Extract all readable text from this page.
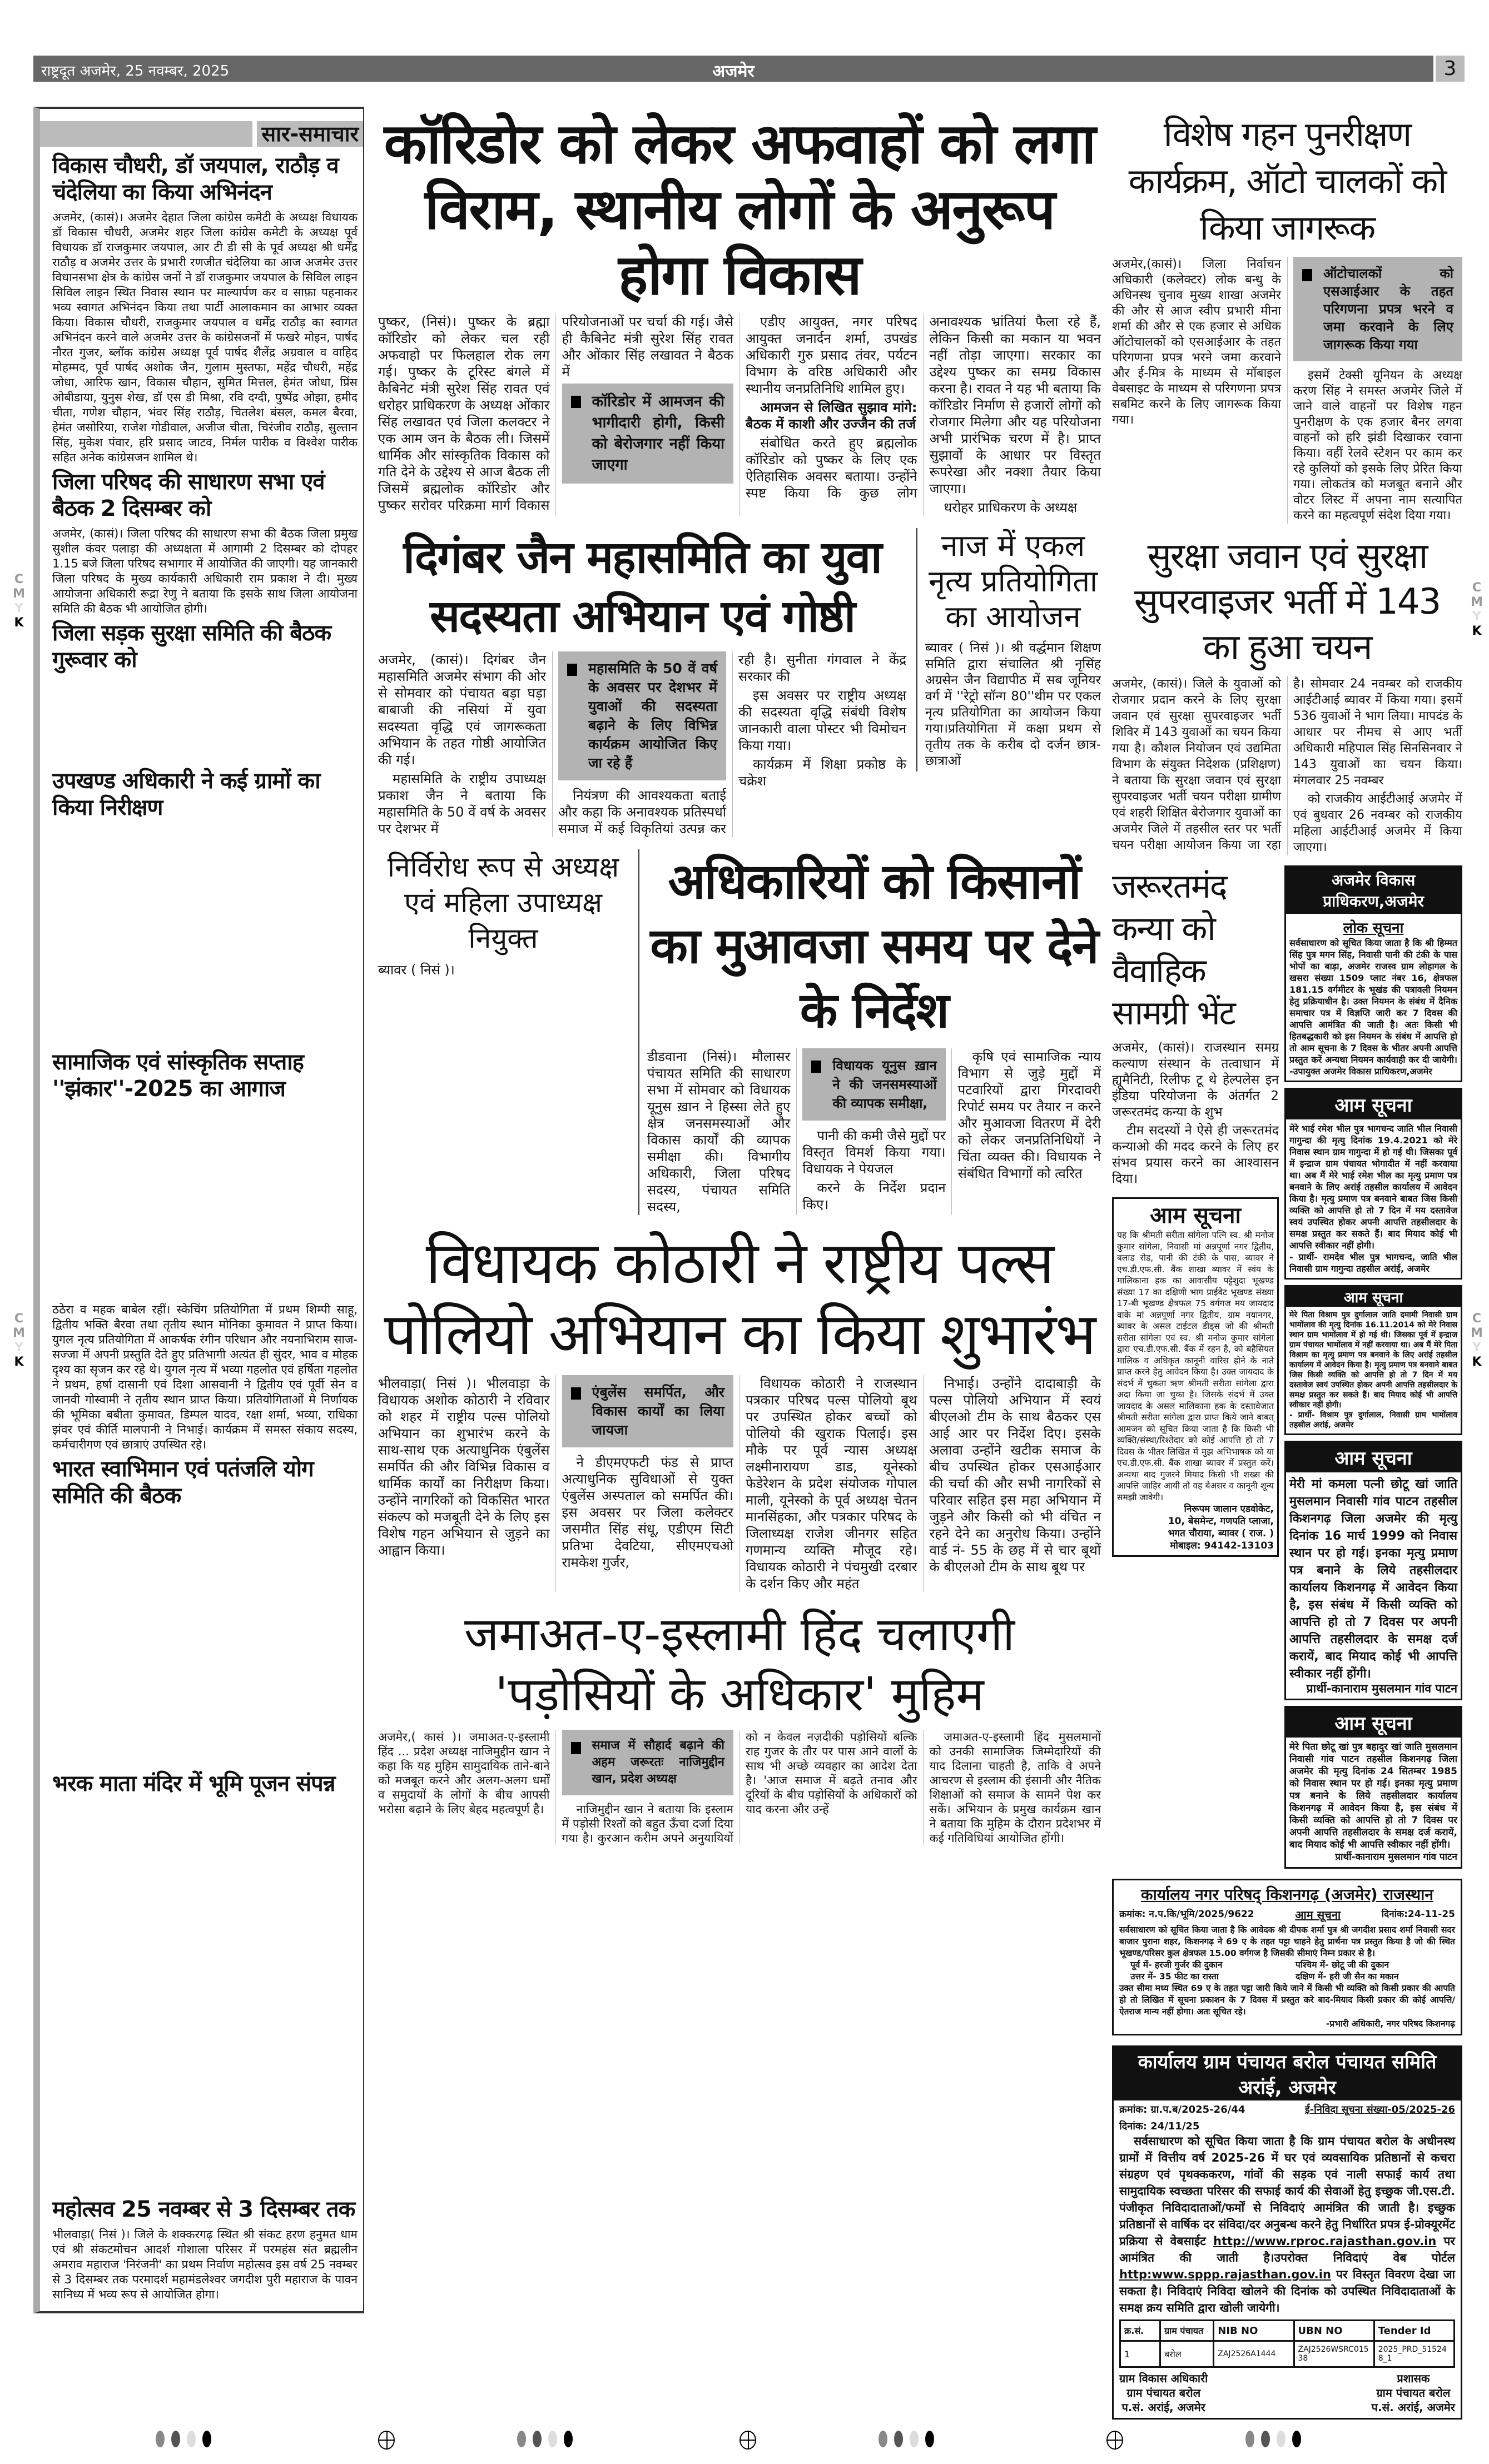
राष्ट्रदूत अजमेर, 25 नवम्बर, 2025	अजमेर	3
C
M
Y
K
C
M
Y
K
C
M
Y
K
C
M
Y
K
सार-समाचार
विकास चौधरी, डॉ जयपाल, राठौड़ व चंदेलिया का किया अभिनंदन
अजमेर, (कासं)। अजमेर देहात जिला कांग्रेस कमेटी के अध्यक्ष विधायक डॉ विकास चौधरी, अजमेर शहर जिला कांग्रेस कमेटी के अध्यक्ष पूर्व विधायक डॉ राजकुमार जयपाल, आर टी डी सी के पूर्व अध्यक्ष श्री धर्मेंद्र राठौड़ व अजमेर उत्तर के प्रभारी रणजीत चंदेलिया का आज अजमेर उत्तर विधानसभा क्षेत्र के कांग्रेस जनों ने डॉ राजकुमार जयपाल के सिविल लाइन सिविल लाइन स्थित निवास स्थान पर माल्यार्पण कर व साफ़ा पहनाकर भव्य स्वागत अभिनंदन किया तथा पार्टी आलाकमान का आभार व्यक्त किया। विकास चौधरी, राजकुमार जयपाल व धर्मेंद्र राठौड़ का स्वागत अभिनंदन करने वाले अजमेर उत्तर के कांग्रेसजनों में फखरे मोइन, पार्षद नौरत गुजर, ब्लॉक कांग्रेस अध्यक्ष पूर्व पार्षद शैलेंद्र अग्रवाल व वाहिद मोहम्मद, पूर्व पार्षद अशोक जैन, गुलाम मुस्तफा, महेंद्र चौधरी, महेंद्र जोधा, आरिफ खान, विकास चौहान, सुमित मित्तल, हेमंत जोधा, प्रिंस ओबीडाया, युनुस शेख, डॉ एस डी मिश्रा, रवि दग्दी, पुष्पेंद्र ओझा, हमीद चीता, गणेश चौहान, भंवर सिंह राठौड़, चितलेश बंसल, कमल बैरवा, हेमंत जसोरिया, राजेश गोडीवाल, अजीज चीता, चिरंजीव राठौड़, सुल्तान सिंह, मुकेश पंवार, हरि प्रसाद जाटव, निर्मल पारीक व विश्वेश पारीक सहित अनेक कांग्रेसजन शामिल थे।
जिला परिषद की साधारण सभा एवं बैठक 2 दिसम्बर को
अजमेर, (कासं)। जिला परिषद की साधारण सभा की बैठक जिला प्रमुख सुशील कंवर पलाड़ा की अध्यक्षता में आगामी 2 दिसम्बर को दोपहर 1.15 बजे जिला परिषद सभागार में आयोजित की जाएगी। यह जानकारी जिला परिषद के मुख्य कार्यकारी अधिकारी राम प्रकाश ने दी। मुख्य आयोजना अधिकारी रूद्रा रेणु ने बताया कि इसके साथ जिला आयोजना समिति की बैठक भी आयोजित होगी।
जिला सड़क सुरक्षा समिति की बैठक गुरूवार को
उपखण्ड अधिकारी ने कई ग्रामों का किया निरीक्षण
सामाजिक एवं सांस्कृतिक सप्ताह ''झंकार''-2025 का आगाज
ठठेरा व महक बाबेल रहीं। स्केचिंग प्रतियोगिता में प्रथम शिम्पी साहू, द्वितीय भक्ति बैरवा तथा तृतीय स्थान मोनिका कुमावत ने प्राप्त किया। युगल नृत्य प्रतियोगिता में आकर्षक रंगीन परिधान और नयनाभिराम साज-सज्जा में अपनी प्रस्तुति देते हुए प्रतिभागी अत्यंत ही सुंदर, भाव व मोहक दृश्य का सृजन कर रहे थे। युगल नृत्य में भव्या गहलोत एवं हर्षिता गहलोत ने प्रथम, हर्षा दासानी एवं दिशा आसवानी ने द्वितीय एवं पूर्वी सेन व जानवी गोस्वामी ने तृतीय स्थान प्राप्त किया। प्रतियोगिताओं मे निर्णायक की भूमिका बबीता कुमावत, डिम्पल यादव, रक्षा शर्मा, भव्या, राधिका झंवर एवं कीर्ति मालपानी ने निभाई। कार्यक्रम में समस्त संकाय सदस्य, कर्मचारीगण एवं छात्राएं उपस्थित रहे।
भारत स्वाभिमान एवं पतंजलि योग समिति की बैठक
भरक माता मंदिर में भूमि पूजन संपन्न
महोत्सव 25 नवम्बर से 3 दिसम्बर तक
भीलवाड़ा( निसं )। जिले के शक्करगढ़ स्थित श्री संकट हरण हनुमत धाम एवं श्री संकटमोचन आदर्श गोशाला परिसर में परमहंस संत ब्रह्मलीन अमराव महाराज 'निरंजनी' का प्रथम निर्वाण महोत्सव इस वर्ष 25 नवम्बर से 3 दिसम्बर तक परमादर्श महामंडलेश्वर जगदीश पुरी महाराज के पावन सानिध्य में भव्य रूप से आयोजित होगा।
कॉरिडोर को लेकर अफवाहों को लगा विराम, स्थानीय लोगों के अनुरूप होगा विकास

पुष्कर, (निसं)। पुष्कर के ब्रह्मा कॉरिडोर को लेकर चल रही अफवाहो पर फिलहाल रोक लग गई। पुष्कर के टूरिस्ट बंगले में कैबिनेट मंत्री सुरेश सिंह रावत एवं धरोहर प्राधिकरण के अध्यक्ष ओंकार सिंह लखावत एवं जिला कलक्टर ने एक आम जन के बैठक ली। जिसमें धार्मिक और सांस्कृतिक विकास को गति देने के उद्देश्य से आज बैठक ली जिसमें ब्रह्मलोक कॉरिडोर और पुष्कर सरोवर परिक्रमा मार्ग विकास परियोजनाओं पर चर्चा की गई। जैसे ही कैबिनेट मंत्री सुरेश सिंह रावत और ओंकार सिंह लखावत ने बैठक में

कॉरिडोर में आमजन की भागीदारी होगी, किसी को बेरोजगार नहीं किया जाएगा

एडीए आयुक्त, नगर परिषद आयुक्त जनार्दन शर्मा, उपखंड अधिकारी गुरु प्रसाद तंवर, पर्यटन विभाग के वरिष्ठ अधिकारी और स्थानीय जनप्रतिनिधि शामिल हुए।

आमजन से लिखित सुझाव मांगे: बैठक में काशी और उज्जैन की तर्ज

संबोधित करते हुए ब्रह्मलोक कॉरिडोर को पुष्कर के लिए एक ऐतिहासिक अवसर बताया। उन्होंने स्पष्ट किया कि कुछ लोग अनावश्यक भ्रांतियां फैला रहे हैं, लेकिन किसी का मकान या भवन नहीं तोड़ा जाएगा। सरकार का उद्देश्य पुष्कर का समग्र विकास करना है। रावत ने यह भी बताया कि कॉरिडोर निर्माण से हजारों लोगों को रोजगार मिलेगा और यह परियोजना अभी प्रारंभिक चरण में है। प्राप्त सुझावों के आधार पर विस्तृत रूपरेखा और नक्शा तैयार किया जाएगा।

धरोहर प्राधिकरण के अध्यक्ष

दिगंबर जैन महासमिति का युवा सदस्यता अभियान एवं गोष्ठी

अजमेर, (कासं)। दिगंबर जैन महासमिति अजमेर संभाग की ओर से सोमवार को पंचायत बड़ा घड़ा बाबाजी की नसियां में युवा सदस्यता वृद्धि एवं जागरूकता अभियान के तहत गोष्ठी आयोजित की गई।

महासमिति के राष्ट्रीय उपाध्यक्ष प्रकाश जैन ने बताया कि महासमिति के 50 वें वर्ष के अवसर पर देशभर में

महासमिति के 50 वें वर्ष के अवसर पर देशभर में युवाओं की सदस्यता बढ़ाने के लिए विभिन्न कार्यक्रम आयोजित किए जा रहे हैं

नियंत्रण की आवश्यकता बताई और कहा कि अनावश्यक प्रतिस्पर्धा समाज में कई विकृतियां उत्पन्न कर रही है। सुनीता गंगवाल ने केंद्र सरकार की

इस अवसर पर राष्ट्रीय अध्यक्ष की सदस्यता वृद्धि संबंधी विशेष जानकारी वाला पोस्टर भी विमोचन किया गया।

कार्यक्रम में शिक्षा प्रकोष्ठ के चक्रेश

नाज में एकल नृत्य प्रतियोगिता का आयोजन

ब्यावर ( निसं )। श्री वर्द्धमान शिक्षण समिति द्वारा संचालित श्री नृसिंह अग्रसेन जैन विद्यापीठ में सब जूनियर वर्ग में ''रेट्रो सॉन्ग 80''थीम पर एकल नृत्य प्रतियोगिता का आयोजन किया गया।प्रतियोगिता में कक्षा प्रथम से तृतीय तक के करीब दो दर्जन छात्र-छात्राओं

निर्विरोध रूप से अध्यक्ष एवं महिला उपाध्यक्ष नियुक्त

ब्यावर ( निसं )।

अधिकारियों को किसानों का मुआवजा समय पर देने के निर्देश

डीडवाना (निसं)। मौलासर पंचायत समिति की साधारण सभा में सोमवार को विधायक यूनुस ख़ान ने हिस्सा लेते हुए क्षेत्र जनसमस्याओं और विकास कार्यों की व्यापक समीक्षा की। विभागीय अधिकारी, जिला परिषद सदस्य, पंचायत समिति सदस्य,

विधायक यूनुस ख़ान ने की जनसमस्याओं की व्यापक समीक्षा,

पानी की कमी जैसे मुद्दों पर विस्तृत विमर्श किया गया। विधायक ने पेयजल

करने के निर्देश प्रदान किए।

कृषि एवं सामाजिक न्याय विभाग से जुड़े मुद्दों में पटवारियों द्वारा गिरदावरी रिपोर्ट समय पर तैयार न करने और मुआवजा वितरण में देरी को लेकर जनप्रतिनिधियों ने चिंता व्यक्त की। विधायक ने संबंधित विभागों को त्वरित

विधायक कोठारी ने राष्ट्रीय पल्स पोलियो अभियान का किया शुभारंभ

भीलवाड़ा( निसं )। भीलवाड़ा के विधायक अशोक कोठारी ने रविवार को शहर में राष्ट्रीय पल्स पोलियो अभियान का शुभारंभ करने के साथ-साथ एक अत्याधुनिक एंबुलेंस समर्पित की और विभिन्न विकास व धार्मिक कार्यों का निरीक्षण किया। उन्होंने नागरिकों को विकसित भारत संकल्प को मजबूती देने के लिए इस विशेष गहन अभियान से जुड़ने का आह्वान किया।

एंबुलेंस समर्पित, और विकास कार्यों का लिया जायजा

ने डीएमएफटी फंड से प्राप्त अत्याधुनिक सुविधाओं से युक्त एंबुलेंस अस्पताल को समर्पित की। इस अवसर पर जिला कलेक्टर जसमीत सिंह संधू, एडीएम सिटी प्रतिभा देवटिया, सीएमएचओ रामकेश गुर्जर,

विधायक कोठारी ने राजस्थान पत्रकार परिषद पल्स पोलियो बूथ पर उपस्थित होकर बच्चों को पोलियो की खुराक पिलाई। इस मौके पर पूर्व न्यास अध्यक्ष लक्ष्मीनारायण डाड, यूनेस्को फेडेरेशन के प्रदेश संयोजक गोपाल माली, यूनेस्को के पूर्व अध्यक्ष चेतन मानसिंहका, और पत्रकार परिषद के जिलाध्यक्ष राजेश जीनगर सहित गणमान्य व्यक्ति मौजूद रहे। विधायक कोठारी ने पंचमुखी दरबार के दर्शन किए और महंत

निभाई। उन्होंने दादाबाड़ी के पल्स पोलियो अभियान में स्वयं बीएलओ टीम के साथ बैठकर एस आई आर पर निर्देश दिए। इसके अलावा उन्होंने खटीक समाज के बीच उपस्थित होकर एसआईआर की चर्चा की और सभी नागरिकों से परिवार सहित इस महा अभियान में जुड़ने और किसी को भी वंचित न रहने देने का अनुरोध किया। उन्होंने वार्ड नं- 55 के छह में से चार बूथों के बीएलओ टीम के साथ बूथ पर

जमाअत-ए-इस्लामी हिंद चलाएगी 'पड़ोसियों के अधिकार' मुहिम

अजमेर,( कासं )। जमाअत-ए-इस्लामी हिंद ... प्रदेश अध्यक्ष नाजिमुद्दीन खान ने कहा कि यह मुहिम सामुदायिक ताने-बाने को मजबूत करने और अलग-अलग धर्मों व समुदायों के लोगों के बीच आपसी भरोसा बढ़ाने के लिए बेहद महत्वपूर्ण है।

समाज में सौहार्द बढ़ाने की अहम जरूरतः नाजिमुद्दीन खान, प्रदेश अध्यक्ष

नाजिमुद्दीन खान ने बताया कि इस्लाम में पड़ोसी रिश्तों को बहुत ऊँचा दर्जा दिया गया है। कुरआन करीम अपने अनुयायियों को न केवल नज़दीकी पड़ोसियों बल्कि राह गुजर के तौर पर पास आने वालों के साथ भी अच्छे व्यवहार का आदेश देता है। 'आज समाज में बढ़ते तनाव और दूरियों के बीच पड़ोसियों के अधिकारों को याद करना और उन्हें

जमाअत-ए-इस्लामी हिंद मुसलमानों को उनकी सामाजिक जिम्मेदारियों की याद दिलाना चाहती है, ताकि वे अपने आचरण से इस्लाम की इंसानी और नैतिक शिक्षाओं को समाज के सामने पेश कर सकें। अभियान के प्रमुख कार्यक्रम खान ने बताया कि मुहिम के दौरान प्रदेशभर में कई गतिविधियां आयोजित होंगी।

विशेष गहन पुनरीक्षण कार्यक्रम, ऑटो चालकों को किया जागरूक

अजमेर,(कासं)। जिला निर्वाचन अधिकारी (कलेक्टर) लोक बन्धु के अधिनस्थ चुनाव मुख्य शाखा अजमेर की और से आज स्वीप प्रभारी मीना शर्मा की और से एक हजार से अधिक ऑटोचालकों को एसआईआर के तहत परिगणना प्रपत्र भरने जमा करवाने और ई-मित्र के माध्यम से मॉबाइल वेबसाइट के माध्यम से परिगणना प्रपत्र सबमिट करने के लिए जागरूक किया गया।

ऑटोचालकों को एसआईआर के तहत परिगणना प्रपत्र भरने व जमा करवाने के लिए जागरूक किया गया

इसमें टेक्सी यूनियन के अध्यक्ष करण सिंह ने समस्त अजमेर जिले में जाने वाले वाहनों पर विशेष गहन पुनरीक्षण के एक हजार बैनर लगवा वाहनों को हरि झंडी दिखाकर रवाना किया। वहीं रेलवे स्टेशन पर काम कर रहे कुलियों को इसके लिए प्रेरित किया गया। लोकतंत्र को मजबूत बनाने और वोटर लिस्ट में अपना नाम सत्यापित करने का महत्वपूर्ण संदेश दिया गया।

सुरक्षा जवान एवं सुरक्षा सुपरवाइजर भर्ती में 143 का हुआ चयन

अजमेर, (कासं)। जिले के युवाओं को रोजगार प्रदान करने के लिए सुरक्षा जवान एवं सुरक्षा सुपरवाइजर भर्ती शिविर में 143 युवाओं का चयन किया गया है। कौशल नियोजन एवं उद्यमिता विभाग के संयुक्त निदेशक (प्रशिक्षण) ने बताया कि सुरक्षा जवान एवं सुरक्षा सुपरवाइजर भर्ती चयन परीक्षा ग्रामीण एवं शहरी शिक्षित बेरोजगार युवाओं का अजमेर जिले में तहसील स्तर पर भर्ती चयन परीक्षा आयोजन किया जा रहा है। सोमवार 24 नवम्बर को राजकीय आईटीआई ब्यावर में किया गया। इसमें 536 युवाओं ने भाग लिया। मापदंड के आधार पर नीमच से आए भर्ती अधिकारी महिपाल सिंह सिनसिनवार ने 143 युवाओं का चयन किया। मंगलवार 25 नवम्बर

को राजकीय आईटीआई अजमेर में एवं बुधवार 26 नवम्बर को राजकीय महिला आईटीआई अजमेर में किया जाएगा।

जरूरतमंद कन्या को वैवाहिक सामग्री भेंट

अजमेर, (कासं)। राजस्थान समग्र कल्याण संस्थान के तत्वाधान में ह्यूमैनिटी, रिलीफ टू थे हेल्पलेस इन इंडिया परियोजना के अंतर्गत 2 जरूरतमंद कन्या के शुभ

टीम सदस्यों ने ऐसे ही जरूरतमंद कन्याओ की मदद करने के लिए हर संभव प्रयास करने का आश्वासन दिया।

आम सूचना
यह कि श्रीमती सरीता सांगेला पत्नि स्व. श्री मनोज कुमार सांगेला, निवासी मां अन्नपूर्णा नगर द्वितीय, बलाड रोड, पानी की टंकी के पास, ब्यावर ने एच.डी.एफ.सी. बैंक शाखा ब्यावर में स्वंय के मालिकाना हक का आवासीय पट्टेशुदा भूखण्ड संख्या 17 का दक्षिणी भाग प्राईवेट भूखण्ड संख्या 17-बी भूखण्ड क्षैत्रफल 75 वर्गगज मय जायदाद वाके मां अन्नपूर्णा नगर द्वितीय, ग्राम नयानगर, ब्यावर के असल टाईटल डीड्स जो की श्रीमती सरीता सांगेला एवं स्व. श्री मनोज कुमार सांगेला द्वारा एच.डी.एफ.सी. बैंक में रहन है, को बहैसियत मालिक व अधिकृत कानूनी वारिस होने के नाते प्राप्त करने हेतु आवेदन किया है। उक्त जायदाद के संदर्भ में चुकता ऋण श्रीमती सरीता सांगेला द्वारा अदा किया जा चुका है। जिसके संदर्भ में उक्त जायदाद के असल मालिकाना हक के दस्तावेजात श्रीमती सरीता सांगेला द्वारा प्राप्त किये जाने बाबत् आमजन को सूचित किया जाता है कि किसी भी व्यक्ति/संस्था/रिश्तेदार को कोई आपत्ति हो तो 7 दिवस के भीतर लिखित में मुझ अभिभाषक को या एच.डी.एफ.सी. बैंक शाखा ब्यावर में प्रस्तुत करें। अन्यथा बाद गुजरने मियाद किसी भी शख्स की आपत्ति जाहिर आयी तो वह बेअसर व कानूनी शून्य समझी जावेगी।
निरूपम जालान एडवोकेट,
10, बेसमेन्ट, गणपति प्लाजा,
भगत चौराया, ब्यावर ( राज. )
मोबाइल: 94142-13103
अजमेर विकास प्राधिकरण,अजमेर
लोक सूचना
सर्वसाधारण को सूचित किया जाता है कि श्री हिम्मत सिंह पुत्र मगन सिंह, निवासी पानी की टंकी के पास भोपों का बाड़ा, अजमेर राजस्व ग्राम लोहागल के खसरा संख्या 1509 प्लाट नंबर 16, क्षेत्रफल 181.15 वर्गमीटर के भूखंड की पत्रावली नियमन हेतु प्रक्रियाधीन है। उक्त नियमन के संबंध में दैनिक समाचार पत्र में विज्ञप्ति जारी कर 7 दिवस की आपत्ति आमंत्रित की जाती है। अतः किसी भी हितबद्धकारी को इस नियमन के संबंध में आपत्ति हो तो आम सूचना के 7 दिवस के भीतर अपनी आपत्ति प्रस्तुत करें अन्यथा नियमन कार्यवाही कर दी जायेगी। -उपायुक्त अजमेर विकास प्राधिकरण,अजमेर
आम सूचना
मेरे भाई रमेश भील पुत्र भागचन्द जाति भील निवासी गागुन्दा की मृत्यु दिनांक 19.4.2021 को मेरे निवास स्थान ग्राम गागुन्दा में हो गई थी। जिसका पूर्व में इन्द्राज ग्राम पंचायत भोगादीत में नहीं करवाया था। अब मैं मेरे भाई रमेश भील का मृत्यु प्रमाण पत्र बनवाने के लिए अरांई तहसील कार्यालय में आवेदन किया है। मृत्यु प्रमाण पत्र बनवाने बाबत जिस किसी व्यक्ति को आपत्ति हो तो 7 दिन में मय दस्तावेज स्वयं उपस्थित होकर अपनी आपत्ति तहसीलदार के समक्ष प्रस्तुत कर सकते हैं। बाद मियाद कोई भी आपत्ति स्वीकार नहीं होगी।
- प्रार्थी- रामदेव भील पुत्र भागचन्द, जाति भील निवासी ग्राम गागुन्दा तहसील अरांई, अजमेर
आम सूचना
मेरे पिता विश्राम पुत्र दुर्गालाल जाति दमामी निवासी ग्राम भामोंलाव की मृत्यु दिनांक 16.11.2014 को मेरे निवास स्थान ग्राम भामोंलाव में हो गई थी। जिसका पूर्व में इन्द्राज ग्राम पंचायत भामोंलाव में नहीं करवाया था। अब मैं मेरे पिता विश्राम का मृत्यु प्रमाण पत्र बनवाने के लिए अरांई तहसील कार्यालय में आवेदन किया है। मृत्यु प्रमाण पत्र बनवाने बाबत जिस किसी व्यक्ति को आपत्ति हो तो 7 दिन में मय दस्तावेज स्वयं उपस्थित होकर अपनी आपत्ति तहसीलदार के समक्ष प्रस्तुत कर सकते हैं। बाद मियाद कोई भी आपत्ति स्वीकार नहीं होगी।
- प्रार्थी- विश्राम पुत्र दुर्गालाल, निवासी ग्राम भामोंलाव तहसील अरांई, अजमेर
आम सूचना
मेरी मां कमला पत्नी छोटू खां जाति मुसलमान निवासी गांव पाटन तहसील किशनगढ़ जिला अजमेर की मृत्यु दिनांक 16 मार्च 1999 को निवास स्थान पर हो गई। इनका मृत्यु प्रमाण पत्र बनाने के लिये तहसीलदार कार्यालय किशनगढ़ में आवेदन किया है, इस संबंध में किसी व्यक्ति को आपत्ति हो तो 7 दिवस पर अपनी आपत्ति तहसीलदार के समक्ष दर्ज करायें, बाद मियाद कोई भी आपत्ति स्वीकार नहीं होंगी।
प्रार्थी-कानाराम मुसलमान गांव पाटन
आम सूचना
मेरे पिता छोटू खां पुत्र बहादुर खां जाति मुसलमान निवासी गांव पाटन तहसील किशनगढ़ जिला अजमेर की मृत्यु दिनांक 24 सितम्बर 1985 को निवास स्थान पर हो गई। इनका मृत्यु प्रमाण पत्र बनाने के लिये तहसीलदार कार्यालय किशनगढ़ में आवेदन किया है, इस संबंध में किसी व्यक्ति को आपत्ति हो तो 7 दिवस पर अपनी आपत्ति तहसीलदार के समक्ष दर्ज करायें, बाद मियाद कोई भी आपत्ति स्वीकार नहीं होंगी।
प्रार्थी-कानाराम मुसलमान गांव पाटन
कार्यालय नगर परिषद् किशनगढ़ (अजमेर) राजस्थान
क्रमांक: न.प.कि/भूमि/2025/9622	आम सूचना	दिनांक:24-11-25
सर्वसाधारण को सूचित किया जाता है कि आवेदक श्री दीपक शर्मा पुत्र श्री जगदीश प्रसाद शर्मा निवासी सदर बाजार पुराना शहर, किशनगढ़ ने 69 ए के तहत पट्टा चाहने हेतु प्रार्थना पत्र प्रस्तुत किया है जो की स्थित भूखण्ड/परिसर कुल क्षेत्रफल 15.00 वर्गगज है जिसकी सीमाएं निम्न प्रकार से है।
पूर्व में- हरजी गुर्जर की दुकान	पश्चिम में- छोटू जी की दुकान
उत्तर में- 35 फीट का रास्ता	दक्षिण में- हरी जी सैन का मकान
उक्त सीमा मध्य स्थित 69 ए के तहत पट्टा जारी किये जाने में किसी भी व्यक्ति को किसी प्रकार की आपति हो तो लिखित में सूचना प्रकाशन के 7 दिवस में प्रस्तुत करे बाद-मियाद किसी प्रकार की कोई आपत्ति/ऐतराज मान्य नहीं होगा। अतः सूचित रहे।
-प्रभारी अधिकारी, नगर परिषद किशनगढ़
कार्यालय ग्राम पंचायत बरोल पंचायत समिति अरांई, अजमेर
क्रमांक: ग्रा.प.ब/2025-26/44	ई-निविदा सूचना संख्या-05/2025-26
दिनांक: 24/11/25
सर्वसाधारण को सूचित किया जाता है कि ग्राम पंचायत बरोल के अधीनस्थ ग्रामों में वित्तीय वर्ष 2025-26 में घर एवं व्यवसायिक प्रतिष्ठानों से कचरा संग्रहण एवं पृथक्ककरण, गांवों की सड़क एवं नाली सफाई कार्य तथा सामुदायिक स्वच्छता परिसर की सफाई कार्य की सेवाओं हेतु इच्छुक जी.एस.टी. पंजीकृत निविदादाताओं/फर्मों से निविदाएं आमंत्रित की जाती है। इच्छुक प्रतिष्ठानों से वार्षिक दर संविदा/दर अनुबन्ध करने हेतु निर्धारित प्रपत्र ई-प्रोक्यूरमेंट प्रक्रिया से वेबसाईट http://www.rproc.rajasthan.gov.in पर आमंत्रित की जाती है।उपरोक्त निविदाएं वेब पोर्टल http:www.sppp.rajasthan.gov.in पर विस्तृत विवरण देखा जा सकता है। निविदाएं निविदा खोलने की दिनांक को उपस्थित निविदादाताओं के समक्ष क्रय समिति द्वारा खोली जायेगी।
क्र.सं.	ग्राम पंचायत	NIB NO	UBN NO	Tender Id
1	बरोल	ZAJ2526A1444	ZAJ2526WSRC01538	2025_PRD_515248_1
ग्राम विकास अधिकारी
ग्राम पंचायत बरोल
प.सं. अरांई, अजमेर
प्रशासक
ग्राम पंचायत बरोल
प.सं. अरांई, अजमेर
